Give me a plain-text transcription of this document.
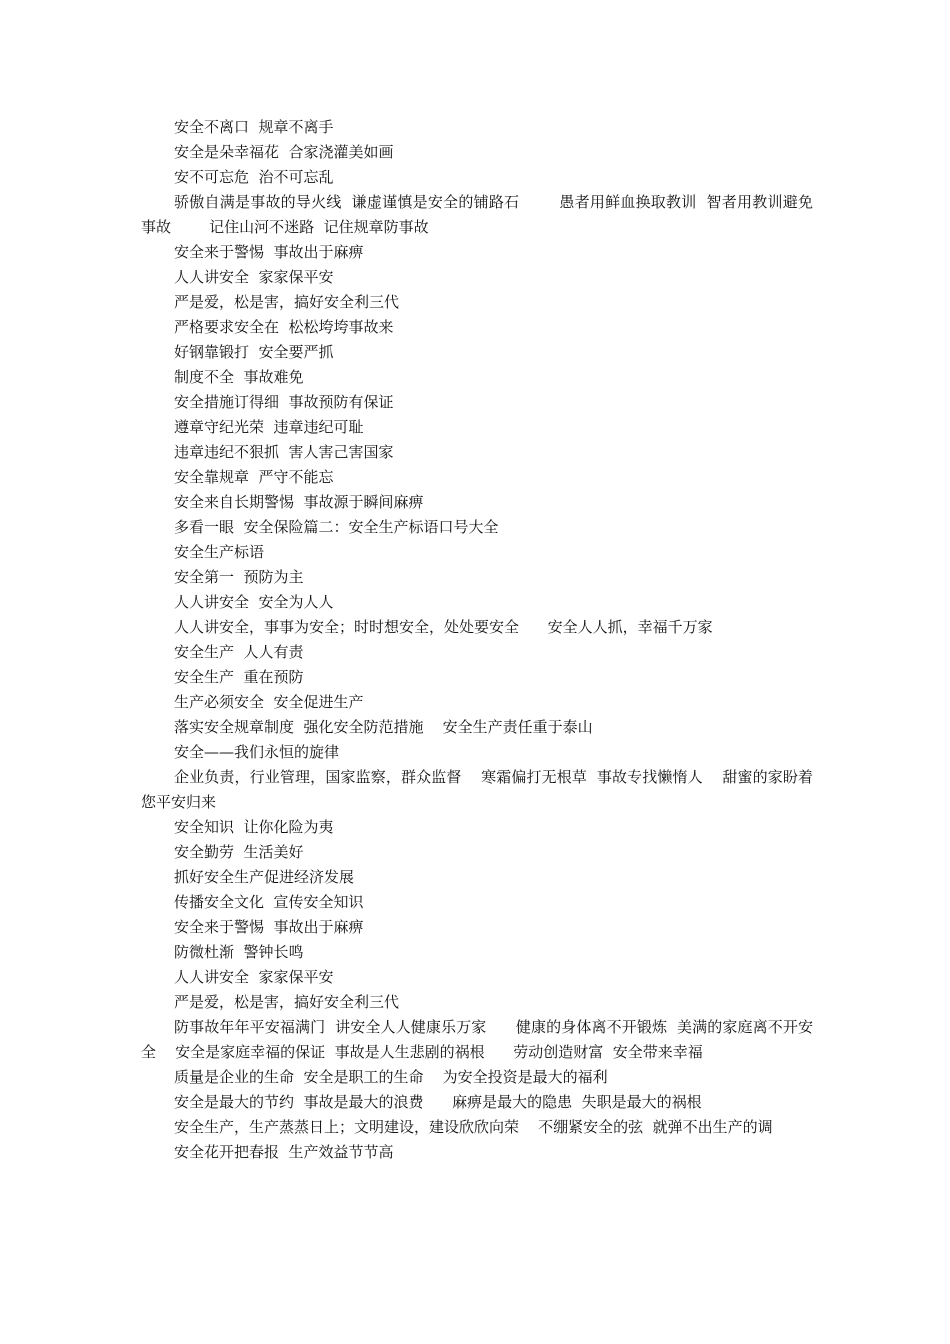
安全不离口  规章不离手

安全是朵幸福花  合家浇灌美如画

安不可忘危  治不可忘乱

骄傲自满是事故的导火线  谦虚谨慎是安全的铺路石        愚者用鲜血换取教训  智者用教训避免事故        记住山河不迷路  记住规章防事故

安全来于警惕  事故出于麻痹

人人讲安全  家家保平安

严是爱，松是害，搞好安全利三代

严格要求安全在  松松垮垮事故来

好钢靠锻打  安全要严抓

制度不全  事故难免

安全措施订得细  事故预防有保证

遵章守纪光荣  违章违纪可耻

违章违纪不狠抓  害人害己害国家

安全靠规章  严守不能忘

安全来自长期警惕  事故源于瞬间麻痹

多看一眼  安全保险篇二：安全生产标语口号大全

安全生产标语

安全第一  预防为主

人人讲安全  安全为人人

人人讲安全，事事为安全；时时想安全，处处要安全      安全人人抓，幸福千万家

安全生产  人人有责

安全生产  重在预防

生产必须安全  安全促进生产

落实安全规章制度  强化安全防范措施    安全生产责任重于泰山

安全——我们永恒的旋律

企业负责，行业管理，国家监察，群众监督    寒霜偏打无根草  事故专找懒惰人    甜蜜的家盼着您平安归来

安全知识  让你化险为夷

安全勤劳  生活美好

抓好安全生产促进经济发展

传播安全文化  宣传安全知识

安全来于警惕  事故出于麻痹

防微杜渐  警钟长鸣

人人讲安全  家家保平安

严是爱，松是害，搞好安全利三代

防事故年年平安福满门  讲安全人人健康乐万家      健康的身体离不开锻炼  美满的家庭离不开安全    安全是家庭幸福的保证  事故是人生悲剧的祸根      劳动创造财富  安全带来幸福

质量是企业的生命  安全是职工的生命    为安全投资是最大的福利

安全是最大的节约  事故是最大的浪费      麻痹是最大的隐患  失职是最大的祸根

安全生产，生产蒸蒸日上；文明建设，建设欣欣向荣    不绷紧安全的弦  就弹不出生产的调

安全花开把春报  生产效益节节高
